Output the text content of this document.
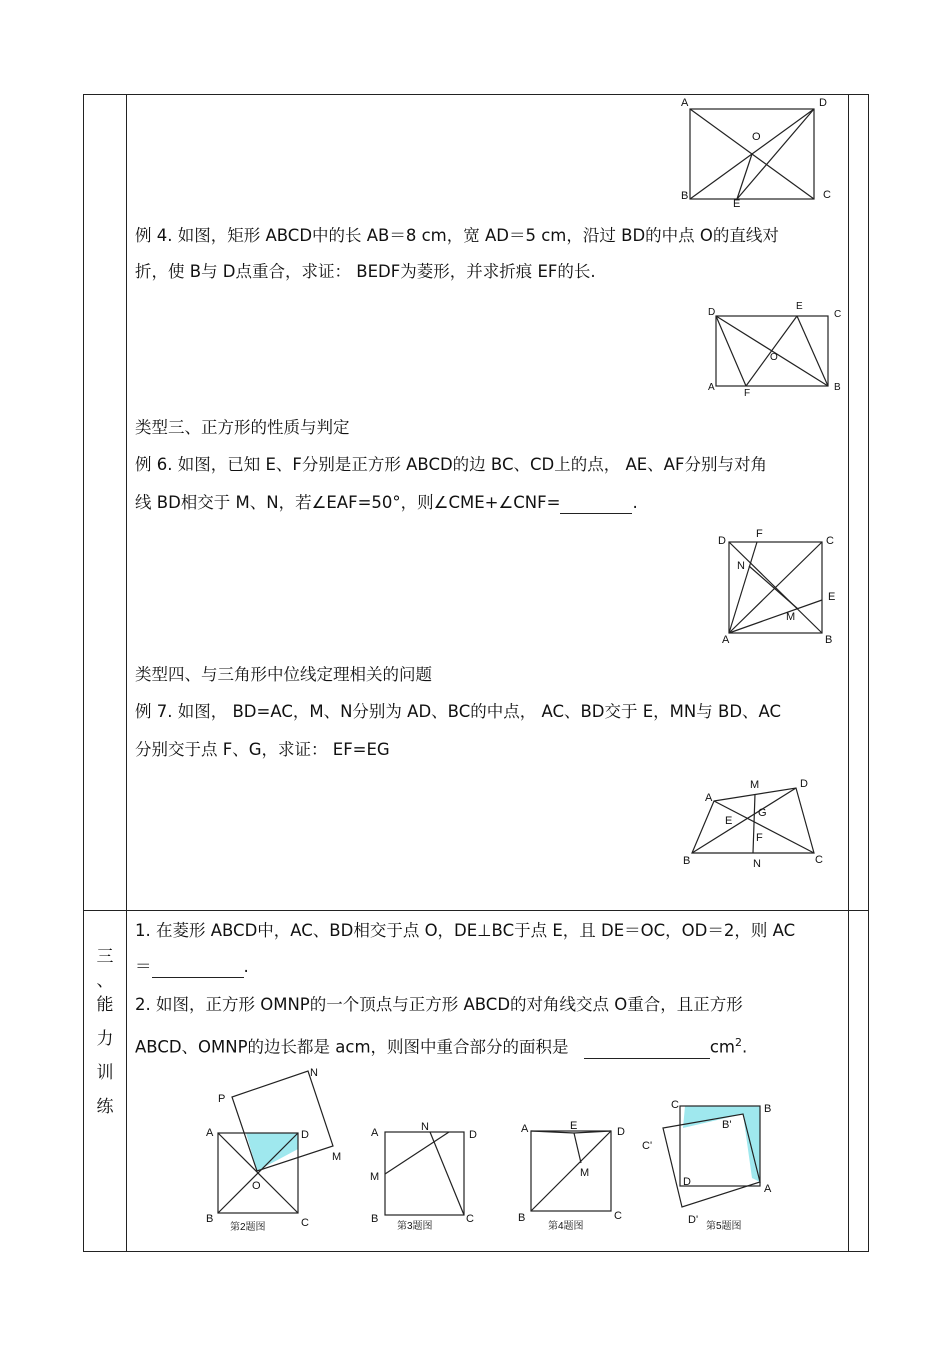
A	D
O
B
E
C
例 4. 如图，矩形 ABCD中的长 AB＝8 cm，宽 AD＝5 cm，沿过 BD的中点 O的直线对
折，使 B与 D点重合，求证： BEDF为菱形，并求折痕 EF的长.
D
E
C
O
A
F
B
类型三、正方形的性质与判定
例 6. 如图，已知 E、F分别是正方形 ABCD的边 BC、CD上的点， AE、AF分别与对角
线 BD相交于 M、N，若∠EAF=50°，则∠CME+∠CNF=	.
F
D	C
N
E
M
A	B
类型四、与三角形中位线定理相关的问题
例 7. 如图， BD=AC，M、N分别为 AD、BC的中点， AC、BD交于 E，MN与 BD、AC
分别交于点 F、G，求证： EF=EG
M	D
A
G
E
F
B	N	C
三
、
能
力
训
练
1. 在菱形 ABCD中，AC、BD相交于点 O，DE⊥BC于点 E，且 DE＝OC，OD＝2，则 AC
＝	.
2. 如图，正方形 OMNP的一个顶点与正方形 ABCD的对角线交点 O重合，且正方形
ABCD、OMNP的边长都是 acm，则图中重合部分的面积是	$cm^2$.
P
N
A	D
M
O
B	C
第2题图
A	N
D
M
B	C
第3题图
A	E	D
M
B	C
第4题图
C	B
B'
C'
D
A
D'
第5题图
